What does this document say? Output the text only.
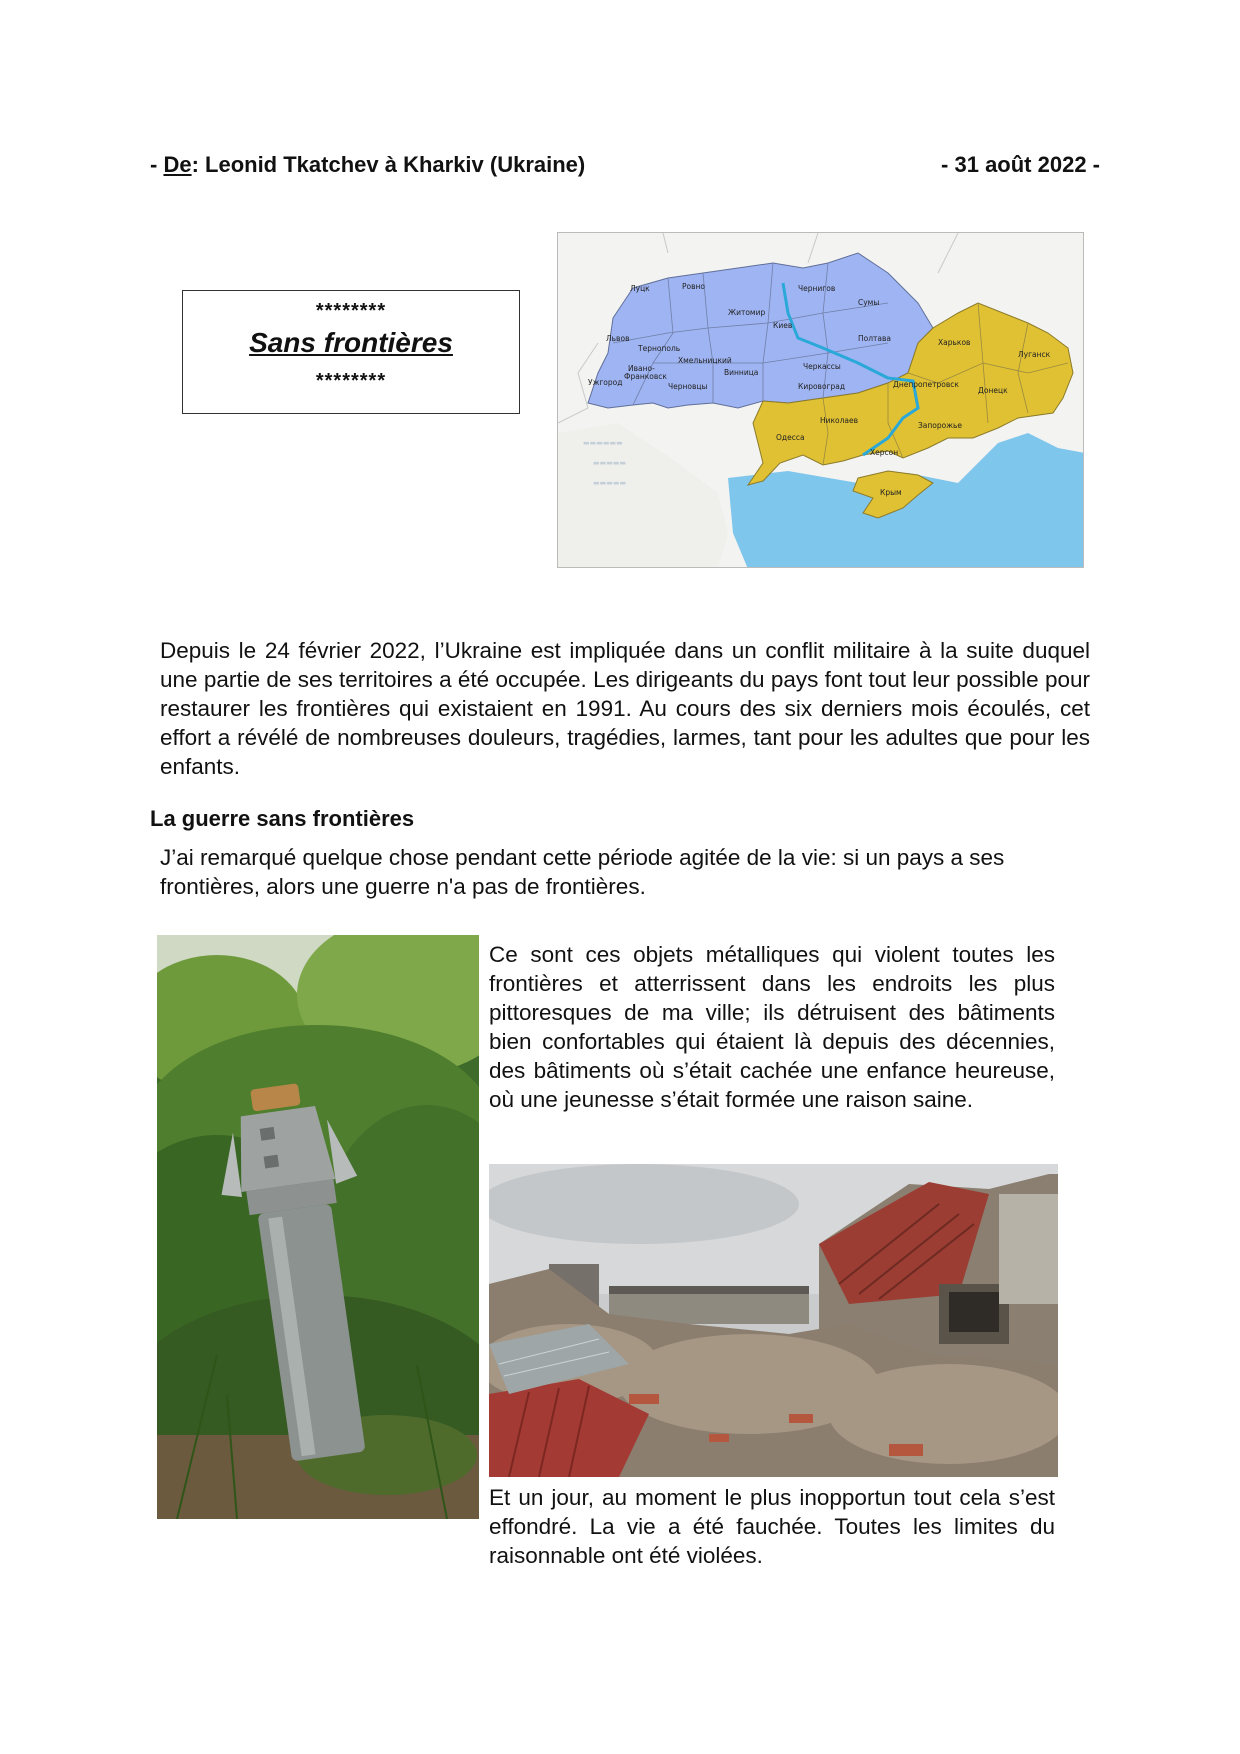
- De: Leonid Tkatchev à Kharkiv (Ukraine)	- 31 août 2022 -
********
Sans frontières
********
Луцк	Ровно
Житомир
Чернигов
Сумы
Киев
Полтава	Харьков
Луганск
Львов
Тернополь
Хмельницкий
Ивано-
Франковск
Ужгород	Черновцы
Винница
Черкассы
Кировоград	Днепропетровск
Донецк
Николаев
Запорожье
Одесса
Херсон
Крым
▬▬▬▬▬▬
▬▬▬▬▬
▬▬▬▬▬
Depuis le 24 février 2022, l’Ukraine est impliquée dans un conflit militaire à la suite duquel une partie de ses territoires a été occupée. Les dirigeants du pays font tout leur possible pour restaurer les frontières qui existaient en 1991. Au cours des six derniers mois écoulés, cet effort a révélé de nombreuses douleurs, tragédies, larmes, tant pour les adultes que pour les enfants.
La guerre sans frontières
J’ai remarqué quelque chose pendant cette période agitée de la vie: si un pays a ses frontières, alors une guerre n'a pas de frontières.
Ce sont ces objets métalliques qui violent toutes les frontières et atterrissent dans les endroits les plus pittoresques de ma ville; ils détruisent des bâtiments bien confortables qui étaient là depuis des décennies, des bâtiments où s’était cachée une enfance heureuse, où une jeunesse s’était formée une raison saine.
Et un jour, au moment le plus inopportun tout cela s’est effondré. La vie a été fauchée. Toutes les limites du raisonnable ont été violées.
